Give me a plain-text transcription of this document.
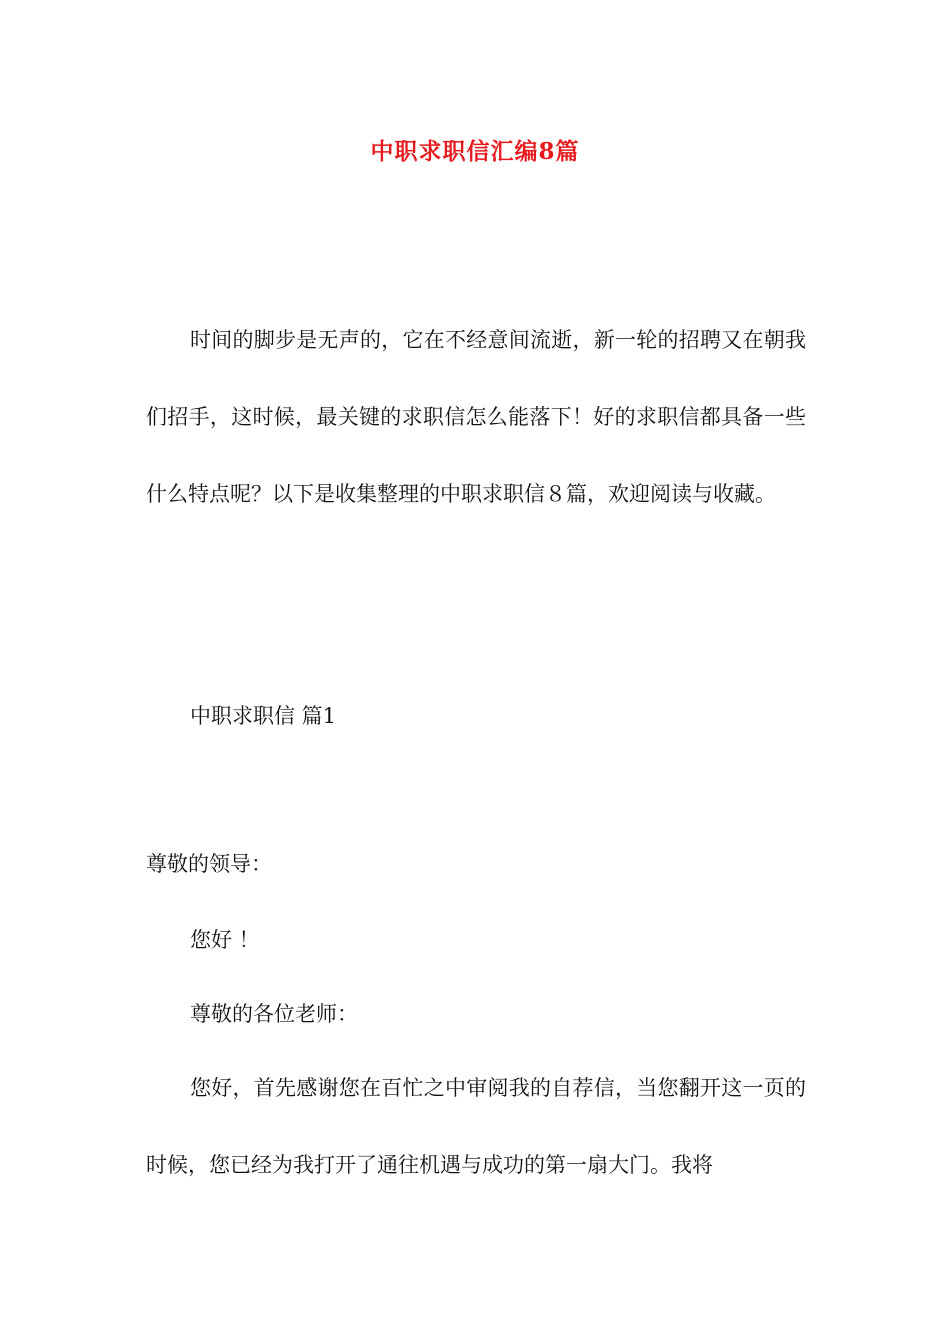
中职求职信汇编8篇
时间的脚步是无声的，它在不经意间流逝，新一轮的招聘又在朝我们招手，这时候，最关键的求职信怎么能落下！好的求职信都具备一些什么特点呢？以下是收集整理的中职求职信８篇，欢迎阅读与收藏。
中职求职信 篇1
尊敬的领导：
您好 ！
尊敬的各位老师：
您好，首先感谢您在百忙之中审阅我的自荐信，当您翻开这一页的时候，您已经为我打开了通往机遇与成功的第一扇大门。我将
